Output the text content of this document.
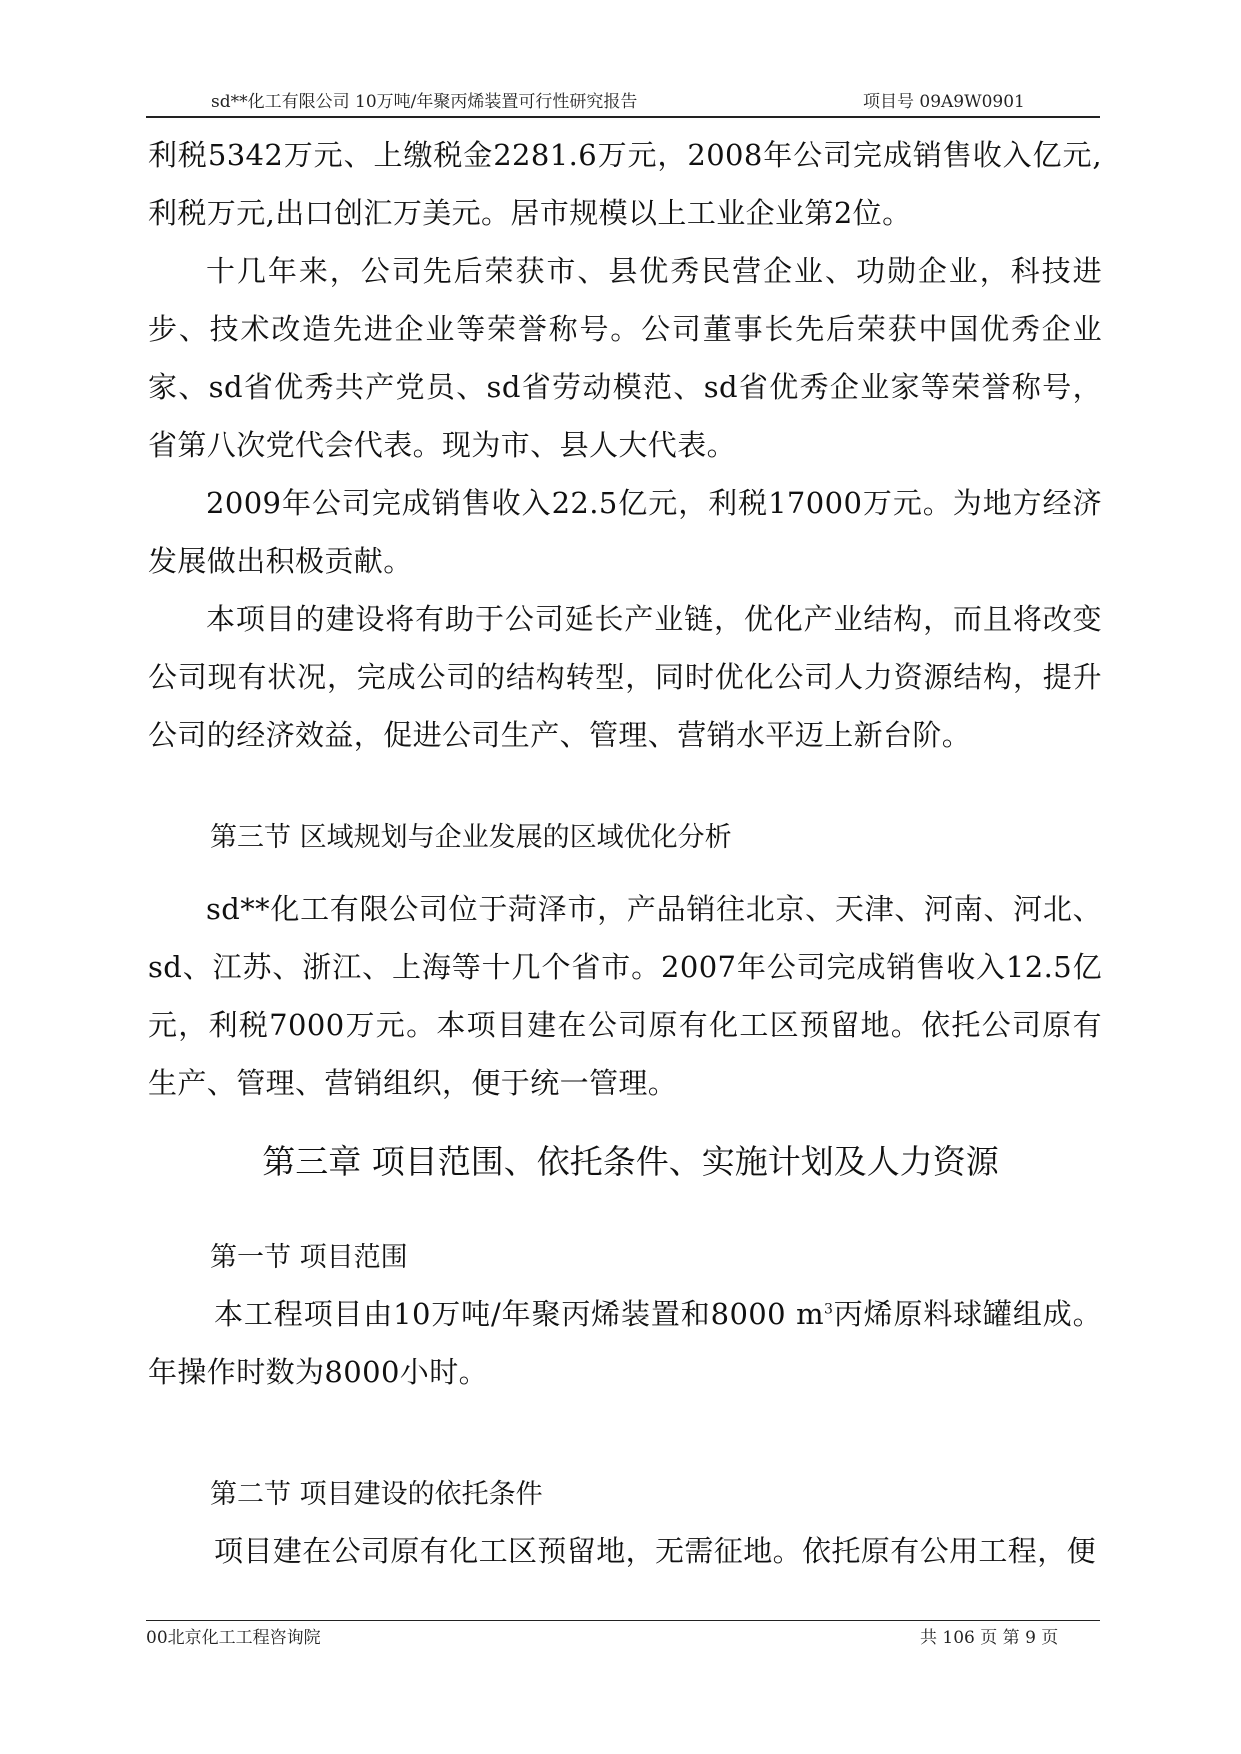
sd**化工有限公司 10万吨/年聚丙烯装置可行性研究报告	项目号 09A9W0901

利税5342万元、上缴税金2281.6万元，2008年公司完成销售收入亿元,利税万元,出口创汇万美元。居市规模以上工业企业第2位。

十几年来，公司先后荣获市、县优秀民营企业、功勋企业，科技进步、技术改造先进企业等荣誉称号。公司董事长先后荣获中国优秀企业家、sd省优秀共产党员、sd省劳动模范、sd省优秀企业家等荣誉称号，省第八次党代会代表。现为市、县人大代表。

2009年公司完成销售收入22.5亿元，利税17000万元。为地方经济发展做出积极贡献。

本项目的建设将有助于公司延长产业链，优化产业结构，而且将改变公司现有状况，完成公司的结构转型，同时优化公司人力资源结构，提升公司的经济效益，促进公司生产、管理、营销水平迈上新台阶。

第三节 区域规划与企业发展的区域优化分析

sd**化工有限公司位于菏泽市，产品销往北京、天津、河南、河北、sd、江苏、浙江、上海等十几个省市。2007年公司完成销售收入12.5亿元，利税7000万元。本项目建在公司原有化工区预留地。依托公司原有生产、管理、营销组织，便于统一管理。

第三章 项目范围、依托条件、实施计划及人力资源
第一节 项目范围

本工程项目由10万吨/年聚丙烯装置和8000 $m^3$丙烯原料球罐组成。年操作时数为8000小时。

第二节 项目建设的依托条件

项目建在公司原有化工区预留地，无需征地。依托原有公用工程，便

00北京化工工程咨询院	共 106 页 第 9 页
